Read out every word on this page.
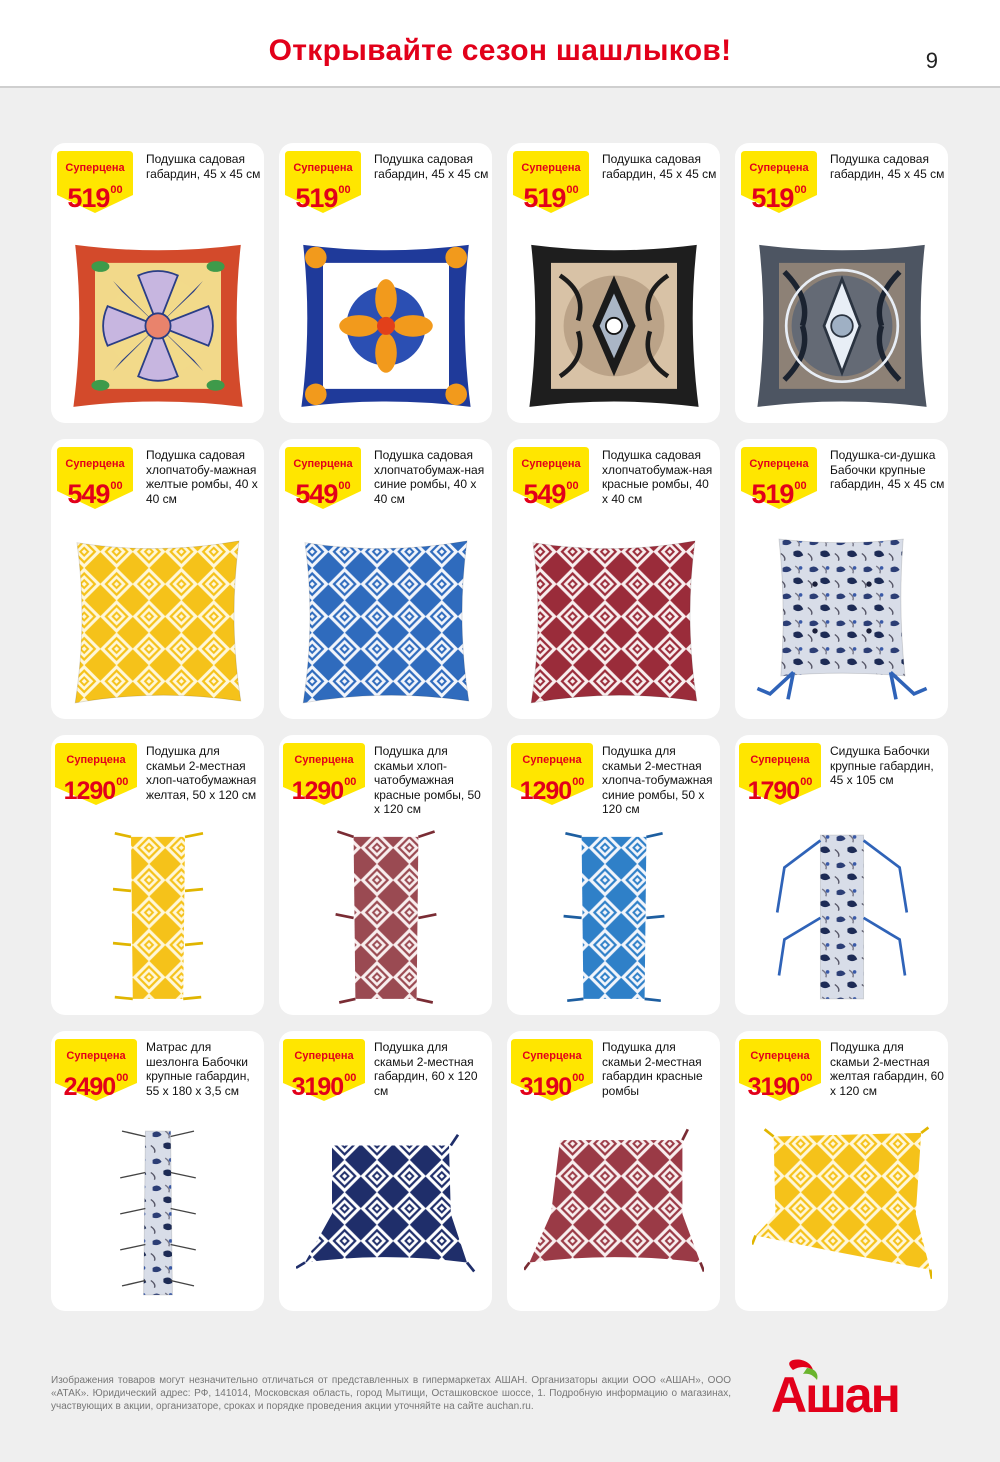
Открывайте сезон шашлыков!	9
Суперцена
$519^{00}$
Подушка садовая габардин, 45 х 45 см	Суперцена
$519^{00}$
Подушка садовая габардин, 45 х 45 см	Суперцена
$519^{00}$
Подушка садовая габардин, 45 х 45 см	Суперцена
$519^{00}$
Подушка садовая габардин, 45 х 45 см
Суперцена
$549^{00}$
Подушка садовая хлопчатобу-мажная желтые ромбы, 40 х 40 см
Суперцена
$549^{00}$
Подушка садовая хлопчатобумаж-ная синие ромбы, 40 х 40 см
Суперцена
$549^{00}$
Подушка садовая хлопчатобумаж-ная красные ромбы, 40 х 40 см
Суперцена
$519^{00}$
Подушка-си-душка Бабочки крупные габардин, 45 х 45 см
Суперцена
1290$^{00}$
Подушка для скамьи 2-местная хлоп-чатобумажная желтая, 50 х 120 см
Суперцена
1290$^{00}$
Подушка для скамьи хлоп-чатобумажная красные ромбы, 50 х 120 см
Суперцена
1290$^{00}$
Подушка для скамьи 2-местная хлопча-тобумажная синие ромбы, 50 х 120 см
Суперцена
1790$^{00}$
Сидушка Бабочки крупные габардин, 45 х 105 см
Суперцена
2490$^{00}$
Матрас для шезлонга Бабочки крупные габардин, 55 х 180 х 3,5 см
Суперцена
3190$^{00}$
Подушка для скамьи 2-местная габардин, 60 х 120 см
Суперцена
3190$^{00}$
Подушка для скамьи 2-местная габардин красные ромбы
Суперцена
3190$^{00}$
Подушка для скамьи 2-местная желтая габардин, 60 х 120 см
Изображения товаров могут незначительно отличаться от представленных в гипермаркетах АШАН. Организаторы акции ООО «АШАН», ООО «АТАК». Юридический адрес: РФ, 141014, Московская область, город Мытищи, Осташковское шоссе, 1. Подробную информацию о магазинах, участвующих в акции, организаторе, сроках и порядке проведения акции уточняйте на сайте auchan.ru.	Ашан
